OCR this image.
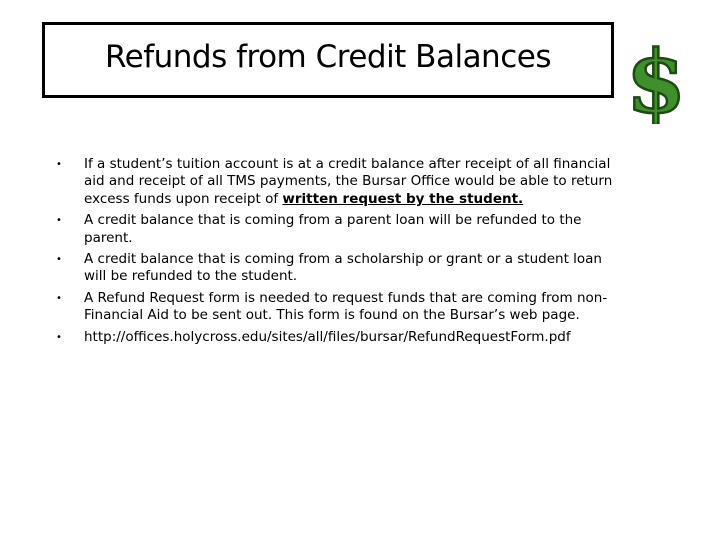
Refunds from Credit Balances $
•	If a student’s tuition account is at a credit balance after receipt of all financial aid and receipt of all TMS payments, the Bursar Office would be able to return excess funds upon receipt of written request by the student.
•	A credit balance that is coming from a parent loan will be refunded to the parent.
•	A credit balance that is coming from a scholarship or grant or a student loan will be refunded to the student.
•	A Refund Request form is needed to request funds that are coming from non-Financial Aid to be sent out. This form is found on the Bursar’s web page.
•	http://offices.holycross.edu/sites/all/files/bursar/RefundRequestForm.pdf
